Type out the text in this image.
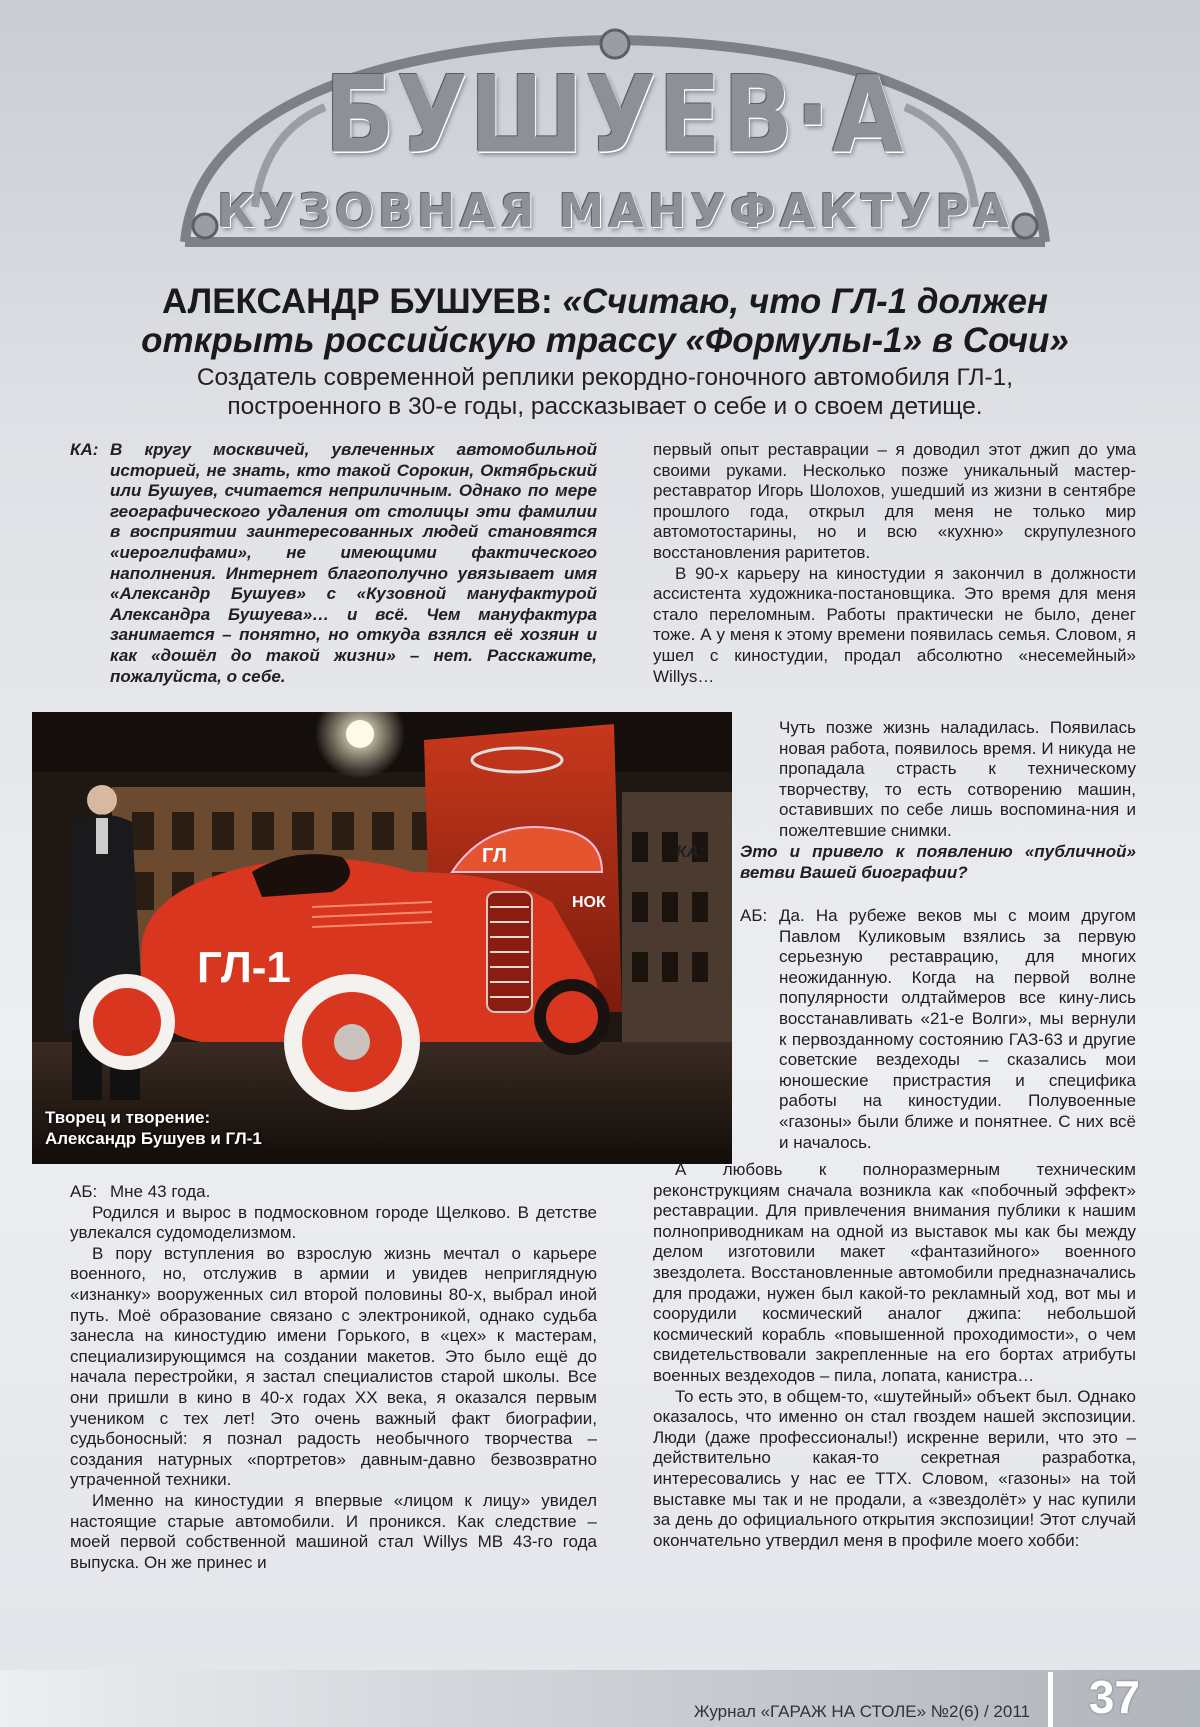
БУШУЕВ·А
КУЗОВНАЯ МАНУФАКТУРА
АЛЕКСАНДР БУШУЕВ: «Считаю, что ГЛ-1 должен
открыть российскую трассу «Формулы-1» в Сочи»
Создатель современной реплики рекордно-гоночного автомобиля ГЛ-1,
построенного в 30-е годы, рассказывает о себе и о своем детище.
КА: В кругу москвичей, увлеченных автомобильной историей, не знать, кто такой Сорокин, Октябрьский или Бушуев, считается неприличным. Однако по мере географического удаления от столицы эти фамилии в восприятии заинтересованных людей становятся «иероглифами», не имеющими фактического наполнения. Интернет благополучно увязывает имя «Александр Бушуев» с «Кузовной мануфактурой Александра Бушуева»… и всё. Чем мануфактура занимается – понятно, но откуда взялся её хозяин и как «дошёл до такой жизни» – нет. Расскажите, пожалуйста, о себе.

ГЛ
НОК
ГЛ-1
Творец и творение:
Александр Бушуев и ГЛ-1
АБ: Мне 43 года.

Родился и вырос в подмосковном городе Щелково. В детстве увлекался судомоделизмом.

В пору вступления во взрослую жизнь мечтал о карьере военного, но, отслужив в армии и увидев неприглядную «изнанку» вооруженных сил второй половины 80-х, выбрал иной путь. Моё образование связано с электроникой, однако судьба занесла на киностудию имени Горького, в «цех» к мастерам, специализирующимся на создании макетов. Это было ещё до начала перестройки, я застал специалистов старой школы. Все они пришли в кино в 40-х годах XX века, я оказался первым учеником с тех лет! Это очень важный факт биографии, судьбоносный: я познал радость необычного творчества – создания натурных «портретов» давным-давно безвозвратно утраченной техники.

Именно на киностудии я впервые «лицом к лицу» увидел настоящие старые автомобили. И проникся. Как следствие – моей первой собственной машиной стал Willys MB 43-го года выпуска. Он же принес и

первый опыт реставрации – я доводил этот джип до ума своими руками. Несколько позже уникальный мастер-реставратор Игорь Шолохов, ушедший из жизни в сентябре прошлого года, открыл для меня не только мир автомотостарины, но и всю «кухню» скрупулезного восстановления раритетов.

В 90-х карьеру на киностудии я закончил в должности ассистента художника-постановщика. Это время для меня стало переломным. Работы практически не было, денег тоже. А у меня к этому времени появилась семья. Словом, я ушел с киностудии, продал абсолютно «несемейный» Willys…

Чуть позже жизнь наладилась. Появилась новая работа, появилось время. И никуда не пропадала страсть к техническому творчеству, то есть сотворению машин, оставивших по себе лишь воспомина-ния и пожелтевшие снимки.

КА: Это и привело к появлению «публичной» ветви Вашей биографии?

АБ: Да. На рубеже веков мы с моим другом Павлом Куликовым взялись за первую серьезную реставрацию, для многих неожиданную. Когда на первой волне популярности олдтаймеров все кину-лись восстанавливать «21-е Волги», мы вернули к первозданному состоянию ГАЗ-63 и другие советские вездеходы – сказались мои юношеские пристрастия и специфика работы на киностудии. Полувоенные «газоны» были ближе и понятнее. С них всё и началось.

А любовь к полноразмерным техническим реконструкциям сначала возникла как «побочный эффект» реставрации. Для привлечения внимания публики к нашим полноприводникам на одной из выставок мы как бы между делом изготовили макет «фантазийного» военного звездолета. Восстановленные автомобили предназначались для продажи, нужен был какой-то рекламный ход, вот мы и соорудили космический аналог джипа: небольшой космический корабль «повышенной проходимости», о чем свидетельствовали закрепленные на его бортах атрибуты военных вездеходов – пила, лопата, канистра…

То есть это, в общем-то, «шутейный» объект был. Однако оказалось, что именно он стал гвоздем нашей экспозиции. Люди (даже профессионалы!) искренне верили, что это – действительно какая-то секретная разработка, интересовались у нас ее ТТХ. Словом, «газоны» на той выставке мы так и не продали, а «звездолёт» у нас купили за день до официального открытия экспозиции! Этот случай окончательно утвердил меня в профиле моего хобби:

Журнал «ГАРАЖ НА СТОЛЕ» №2(6) / 2011 37
